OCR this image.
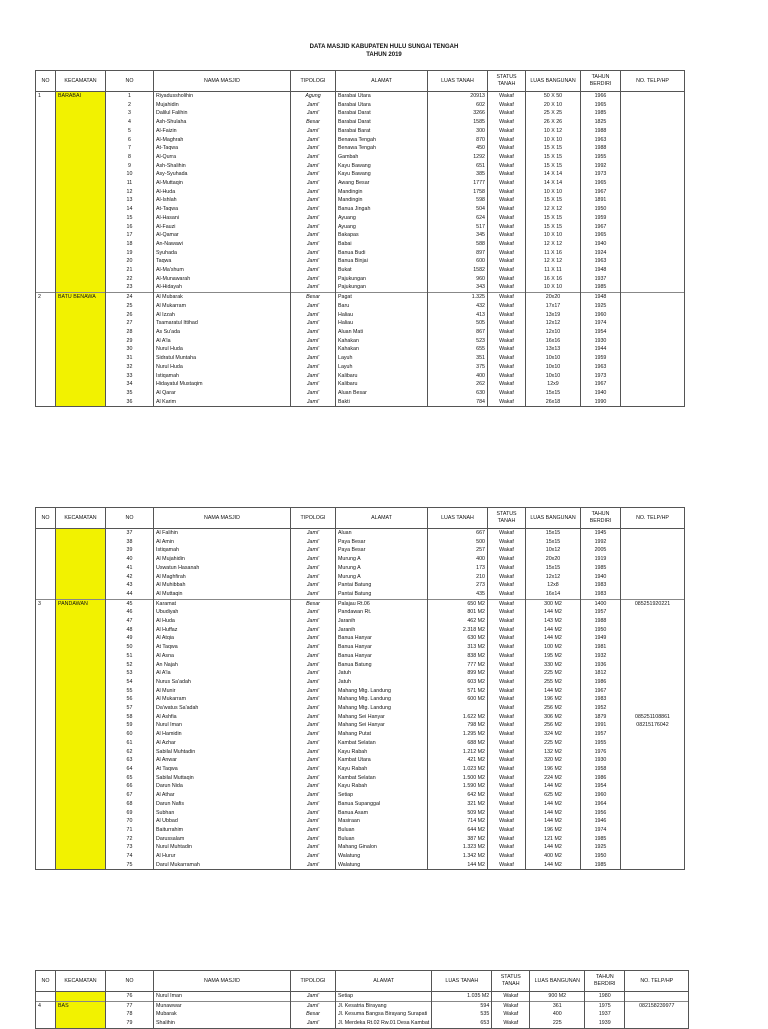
DATA MASJID KABUPATEN HULU SUNGAI TENGAH
TAHUN 2019
NO	KECAMATAN	NO	NAMA MASJID	TIPOLOGI	ALAMAT	LUAS TANAH	STATUS TANAH	LUAS BANGUNAN	TAHUN BERDIRI	NO. TELP/HP
1	BARABAI	1	Riyadussholihin	Agung	Barabai Utara	20913	Wakaf	50 X 50	1966	
		2	Mujahidin	Jami'	Barabai Utara	602	Wakaf	20 X 10	1965	
		3	Dalilul Falihin	Jami'	Barabai Darat	3266	Wakaf	25 X 25	1985	
		4	Ash-Shulaha	Besar	Barabai Darat	1585	Wakaf	26 X 26	1825	
		5	Al-Faizin	Jami'	Barabai Barat	300	Wakaf	10 X 12	1988	
		6	Al-Maghrah	Jami'	Benawa Tengah	870	Wakaf	10 X 10	1963	
		7	At-Taqwa	Jami'	Benawa Tengah	450	Wakaf	15 X 15	1988	
		8	Al-Qurra	Jami'	Gambah	1292	Wakaf	15 X 15	1955	
		9	Ash-Shalihin	Jami'	Kayu Bawang	651	Wakaf	15 X 15	1992	
		10	Asy-Syuhada	Jami'	Kayu Bawang	385	Wakaf	14 X 14	1973	
		11	Al-Muttaqin	Jami'	Awang Besar	1777	Wakaf	14 X 14	1965	
		12	Al-Huda	Jami'	Mandingin	1758	Wakaf	10 X 10	1967	
		13	Al-Ishlah	Jami'	Mandingin	598	Wakaf	15 X 15	1891	
		14	At-Taqwa	Jami'	Banua Jingah	504	Wakaf	12 X 12	1950	
		15	Al-Hasani	Jami'	Ayuang	624	Wakaf	15 X 15	1959	
		16	Al-Fauzi	Jami'	Ayuang	517	Wakaf	15 X 15	1967	
		17	Al-Qamar	Jami'	Bakapas	345	Wakaf	10 X 10	1965	
		18	An-Nawawi	Jami'	Babai	588	Wakaf	12 X 12	1940	
		19	Syuhada	Jami'	Banua Budi	897	Wakaf	11 X 16	1924	
		20	Taqwa	Jami'	Banua Binjai	600	Wakaf	12 X 12	1963	
		21	Al-Ma'shum	Jami'	Bukat	1582	Wakaf	11 X 11	1948	
		22	Al-Munawarah	Jami'	Pajukungan	960	Wakaf	16 X 16	1937	
		23	Al-Hidayah	Jami'	Pajukungan	343	Wakaf	10 X 10	1985	
2	BATU BENAWA	24	Al Mubarak	Besar	Pagat	1.325	Wakaf	20x20	1948	
		25	Al Mukarram	Jami'	Baru	432	Wakaf	17x17	1925	
		26	Al Izzah	Jami'	Haliau	413	Wakaf	13x19	1960	
		27	Tsamaratul Ittihad	Jami'	Haliau	505	Wakaf	12x12	1974	
		28	As Su'ada	Jami'	Aluan Mati	867	Wakaf	12x10	1954	
		29	Al A'la	Jami'	Kahakan	523	Wakaf	16x16	1930	
		30	Nurul Huda	Jami'	Kahakan	655	Wakaf	13x13	1944	
		31	Sidratul Muntaha	Jami'	Layuh	351	Wakaf	10x10	1959	
		32	Nurul Huda	Jami'	Layuh	375	Wakaf	10x10	1963	
		33	Istiqamah	Jami'	Kalibaru	400	Wakaf	10x10	1973	
		34	Hidayatul Mustaqim	Jami'	Kalibaru	262	Wakaf	12x9	1967	
		35	Al Qarar	Jami'	Aluan Besar	630	Wakaf	15x15	1940	
		36	Al Karim	Jami'	Bakti	784	Wakaf	26x18	1990	
NO	KECAMATAN	NO	NAMA MASJID	TIPOLOGI	ALAMAT	LUAS TANAH	STATUS TANAH	LUAS BANGUNAN	TAHUN BERDIRI	NO. TELP/HP
		37	Al Falihin	Jami'	Aluan	667	Wakaf	15x15	1945	
		38	Al Amin	Jami'	Paya Besar	500	Wakaf	15x15	1992	
		39	Istiqamah	Jami'	Paya Besar	257	Wakaf	10x12	2005	
		40	Al Mujahidin	Jami'	Murung A	400	Wakaf	20x20	1919	
		41	Uswatun Hasanah	Jami'	Murung A	173	Wakaf	15x15	1985	
		42	Al Maghfirah	Jami'	Murung A	210	Wakaf	12x12	1940	
		43	Al Muhibbah	Jami'	Pantai Batung	273	Wakaf	12x8	1983	
		44	Al Muttaqin	Jami'	Pantai Batung	435	Wakaf	16x14	1983	
3	PANDAWAN	45	Karamat	Besar	Palajau Rt.06	650 M2	Wakaf	300 M2	1400	085251920221
		46	Ubudiyah	Jami'	Pandawan Rt.	801 M2	Wakaf	144 M2	1957	
		47	Al Huda	Jami'	Jaranih	462 M2	Wakaf	143 M2	1988	
		48	Al Huffaz	Jami'	Jaranih	2.318 M2	Wakaf	144 M2	1950	
		49	Al Atqia	Jami'	Banua Hanyar	630 M2	Wakaf	144 M2	1949	
		50	At Taqwa	Jami'	Banua Hanyar	313 M2	Wakaf	100 M2	1981	
		51	Al Asna	Jami'	Banua Hanyar	838 M2	Wakaf	195 M2	1932	
		52	An Najah	Jami'	Banua Batung	777 M2	Wakaf	330 M2	1936	
		53	Al A'la	Jami'	Jatuh	899 M2	Wakaf	225 M2	1812	
		54	Nurus Sa'adah	Jami'	Jatuh	603 M2	Wakaf	255 M2	1986	
		55	Al Munir	Jami'	Mahang Mtg. Landung	571 M2	Wakaf	144 M2	1967	
		56	Al Mukarram	Jami'	Mahang Mtg. Landung	600 M2	Wakaf	196 M2	1983	
		57	Da'watus Sa'adah	Jami'	Mahang Mtg. Landung		Wakaf	256 M2	1952	
		58	Al Ashfia	Jami'	Mahang Sei Hanyar	1.622 M2	Wakaf	306 M2	1879	085251108861
		59	Nurul Iman	Jami'	Mahang Sei Hanyar	798 M2	Wakaf	256 M2	1991	08215176042
		60	Al Hamidin	Jami'	Mahang Putat	1.295 M2	Wakaf	324 M2	1957	
		61	Al Azhar	Jami'	Kambat Selatan	688 M2	Wakaf	225 M2	1955	
		62	Sabilal Muhtadin	Jami'	Kayu Rabah	1.212 M2	Wakaf	132 M2	1976	
		63	Al Anwar	Jami'	Kambat Utara	421 M2	Wakaf	320 M2	1930	
		64	At Taqwa	Jami'	Kayu Rabah	1.023 M2	Wakaf	196 M2	1958	
		65	Sabilal Muttaqin	Jami'	Kambat Selatan	1.500 M2	Wakaf	224 M2	1986	
		66	Darun Nida	Jami'	Kayu Rabah	1.590 M2	Wakaf	144 M2	1954	
		67	Al Athar	Jami'	Setiap	642 M2	Wakaf	625 M2	1960	
		68	Darun Nafis	Jami'	Banua Supanggal	321 M2	Wakaf	144 M2	1964	
		69	Subhan	Jami'	Banua Asam	509 M2	Wakaf	144 M2	1956	
		70	Al Ubbad	Jami'	Masiraan	714 M2	Wakaf	144 M2	1946	
		71	Baiturrahim	Jami'	Buluan	644 M2	Wakaf	196 M2	1974	
		72	Darussalam	Jami'	Buluan	387 M2	Wakaf	121 M2	1985	
		73	Nurul Muhtadin	Jami'	Mahang Ginalon	1.323 M2	Wakaf	144 M2	1925	
		74	Al Hurur	Jami'	Walatung	1.342 M2	Wakaf	400 M2	1950	
		75	Darul Mukarramah	Jami'	Walatung	144 M2	Wakaf	144 M2	1985	
NO	KECAMATAN	NO	NAMA MASJID	TIPOLOGI	ALAMAT	LUAS TANAH	STATUS TANAH	LUAS BANGUNAN	TAHUN BERDIRI	NO. TELP/HP
		76	Nurul Iman	Jami'	Setiap	1.035 M2	Wakaf	900 M2	1980	
4	BAS	77	Munawwar	Jami'	Jl. Kesatria Birayang	594	Wakaf	361	1975	082158239977
		78	Mubarak	Besar	Jl. Kesuma Bangsa Birayang Surapati	535	Wakaf	400	1937	
		79	Shalihin	Jami'	Jl. Merdeka Rt.02 Rw.01 Desa Kambat	653	Wakaf	225	1939	
